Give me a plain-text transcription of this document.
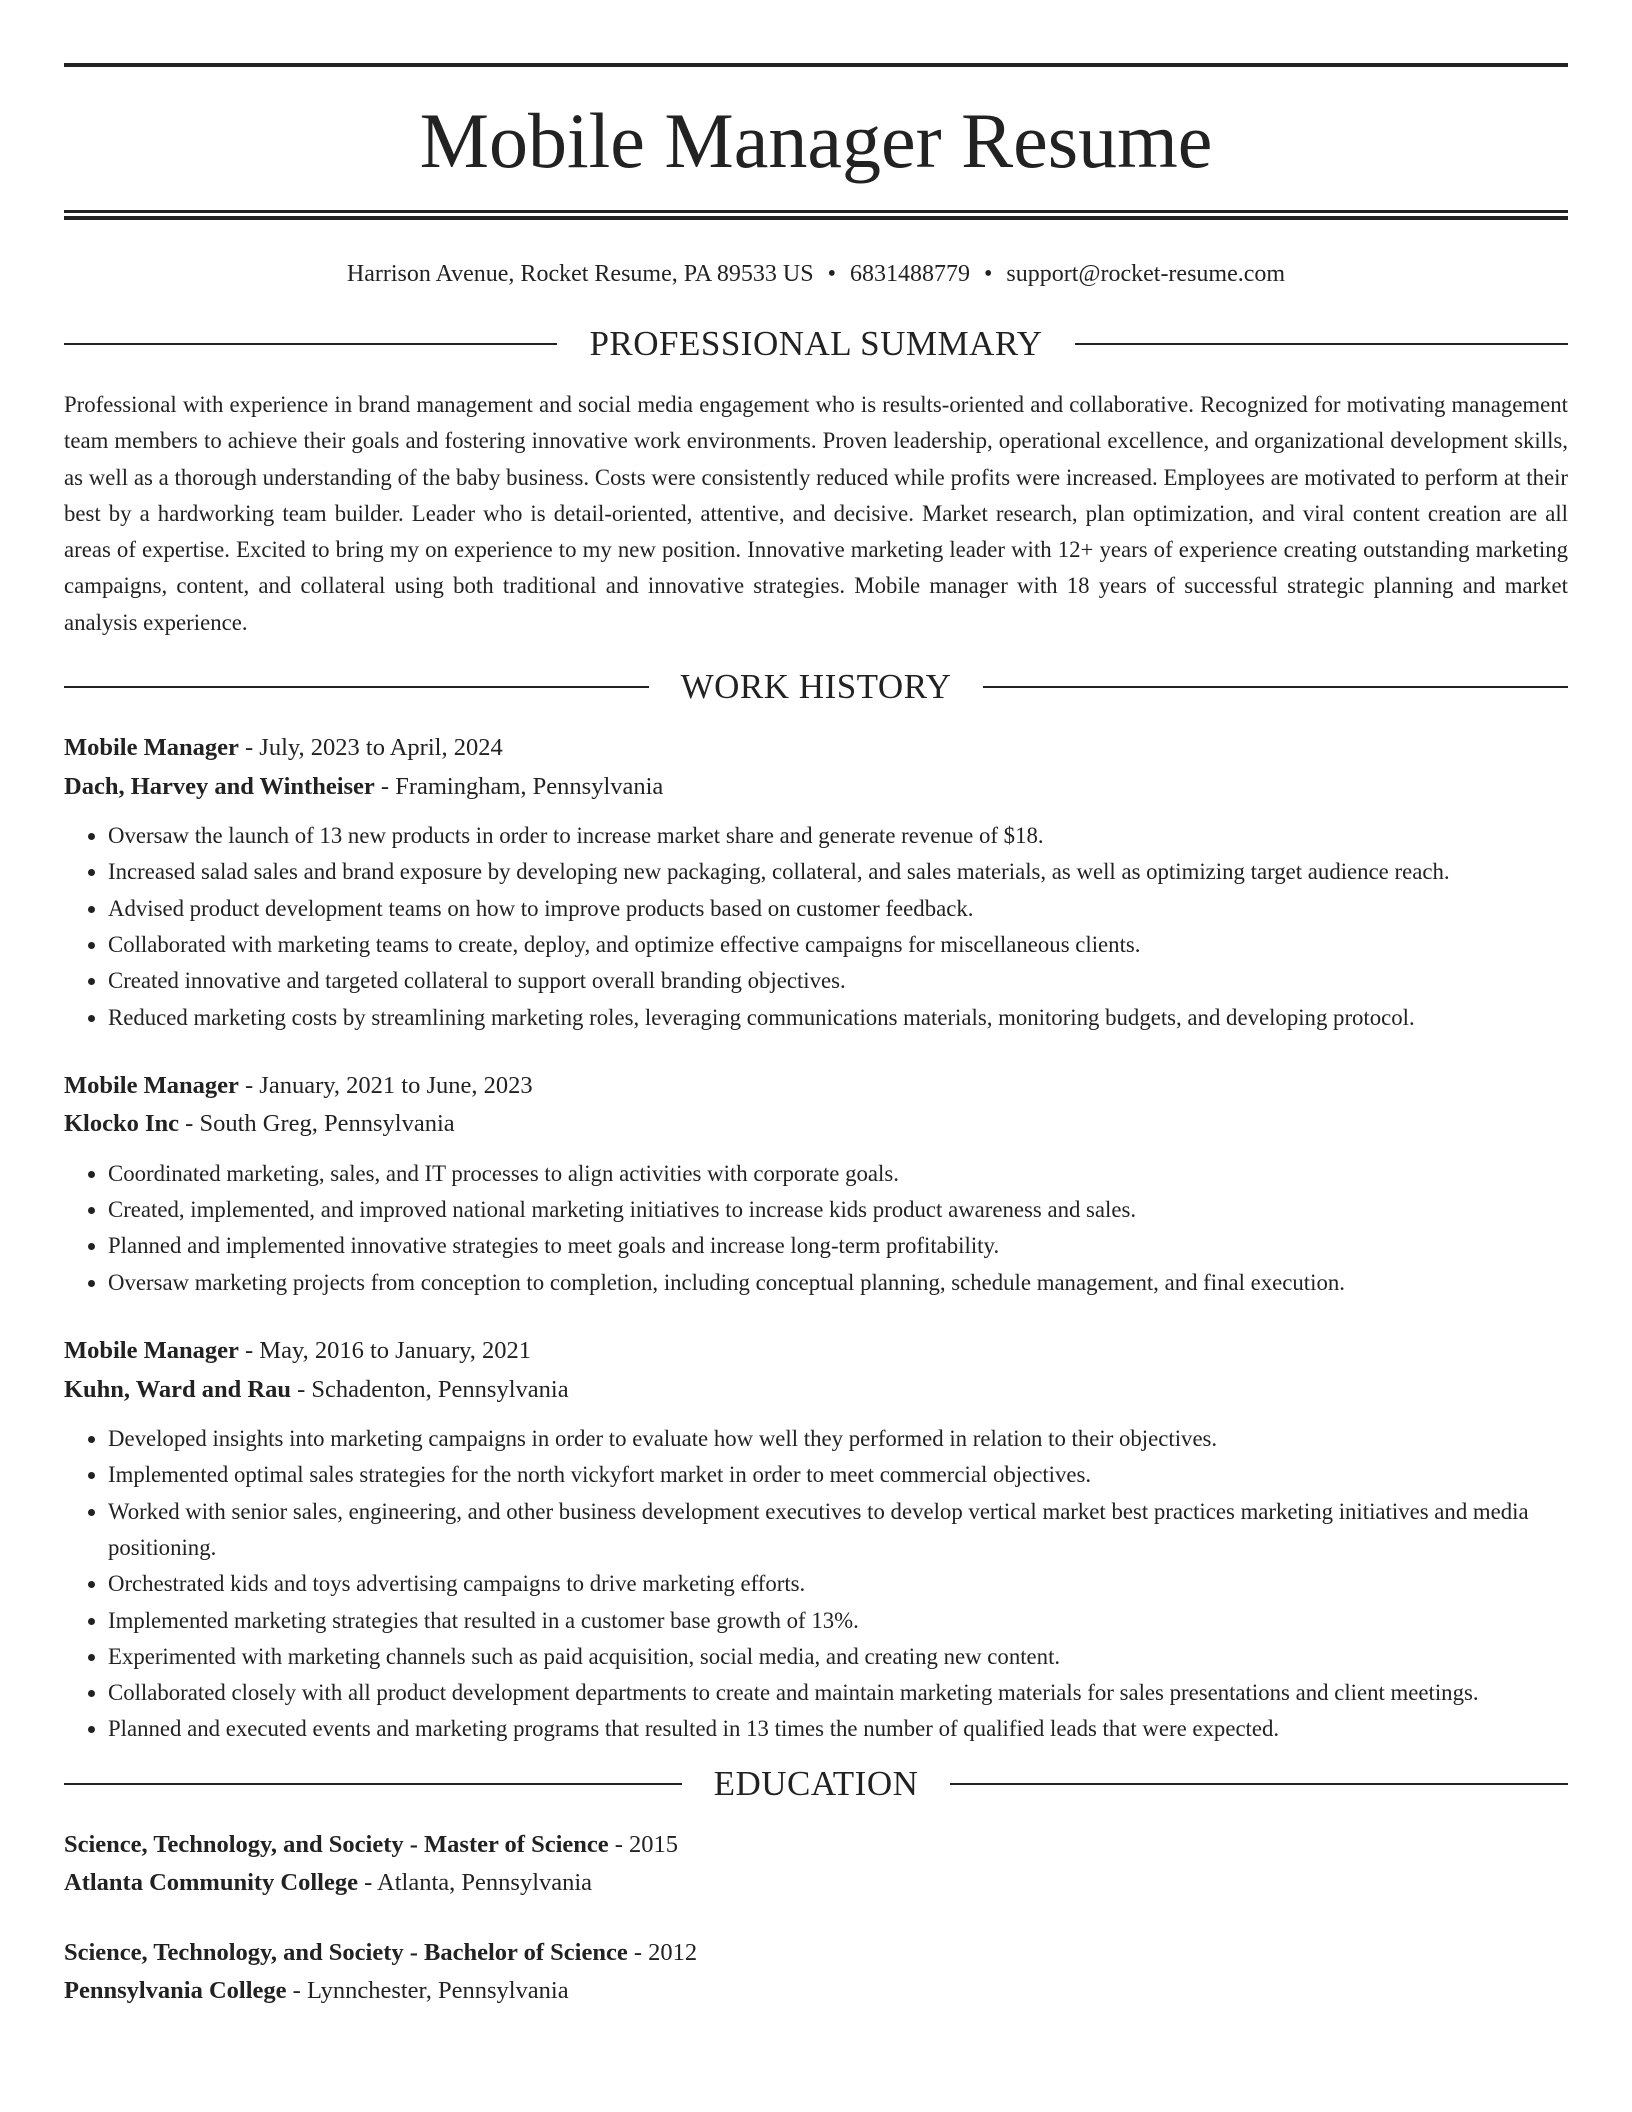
Mobile Manager Resume
Harrison Avenue, Rocket Resume, PA 89533 US • 6831488779 • support@rocket-resume.com
PROFESSIONAL SUMMARY
Professional with experience in brand management and social media engagement who is results-oriented and collaborative. Recognized for motivating management team members to achieve their goals and fostering innovative work environments. Proven leadership, operational excellence, and organizational development skills, as well as a thorough understanding of the baby business. Costs were consistently reduced while profits were increased. Employees are motivated to perform at their best by a hardworking team builder. Leader who is detail-oriented, attentive, and decisive. Market research, plan optimization, and viral content creation are all areas of expertise. Excited to bring my on experience to my new position. Innovative marketing leader with 12+ years of experience creating outstanding marketing campaigns, content, and collateral using both traditional and innovative strategies. Mobile manager with 18 years of successful strategic planning and market analysis experience.
WORK HISTORY
Mobile Manager - July, 2023 to April, 2024
Dach, Harvey and Wintheiser - Framingham, Pennsylvania
• Oversaw the launch of 13 new products in order to increase market share and generate revenue of $18.
• Increased salad sales and brand exposure by developing new packaging, collateral, and sales materials, as well as optimizing target audience reach.
• Advised product development teams on how to improve products based on customer feedback.
• Collaborated with marketing teams to create, deploy, and optimize effective campaigns for miscellaneous clients.
• Created innovative and targeted collateral to support overall branding objectives.
• Reduced marketing costs by streamlining marketing roles, leveraging communications materials, monitoring budgets, and developing protocol.
Mobile Manager - January, 2021 to June, 2023
Klocko Inc - South Greg, Pennsylvania
• Coordinated marketing, sales, and IT processes to align activities with corporate goals.
• Created, implemented, and improved national marketing initiatives to increase kids product awareness and sales.
• Planned and implemented innovative strategies to meet goals and increase long-term profitability.
• Oversaw marketing projects from conception to completion, including conceptual planning, schedule management, and final execution.
Mobile Manager - May, 2016 to January, 2021
Kuhn, Ward and Rau - Schadenton, Pennsylvania
• Developed insights into marketing campaigns in order to evaluate how well they performed in relation to their objectives.
• Implemented optimal sales strategies for the north vickyfort market in order to meet commercial objectives.
• Worked with senior sales, engineering, and other business development executives to develop vertical market best practices marketing initiatives and media positioning.
• Orchestrated kids and toys advertising campaigns to drive marketing efforts.
• Implemented marketing strategies that resulted in a customer base growth of 13%.
• Experimented with marketing channels such as paid acquisition, social media, and creating new content.
• Collaborated closely with all product development departments to create and maintain marketing materials for sales presentations and client meetings.
• Planned and executed events and marketing programs that resulted in 13 times the number of qualified leads that were expected.
EDUCATION
Science, Technology, and Society - Master of Science - 2015
Atlanta Community College - Atlanta, Pennsylvania
Science, Technology, and Society - Bachelor of Science - 2012
Pennsylvania College - Lynnchester, Pennsylvania
